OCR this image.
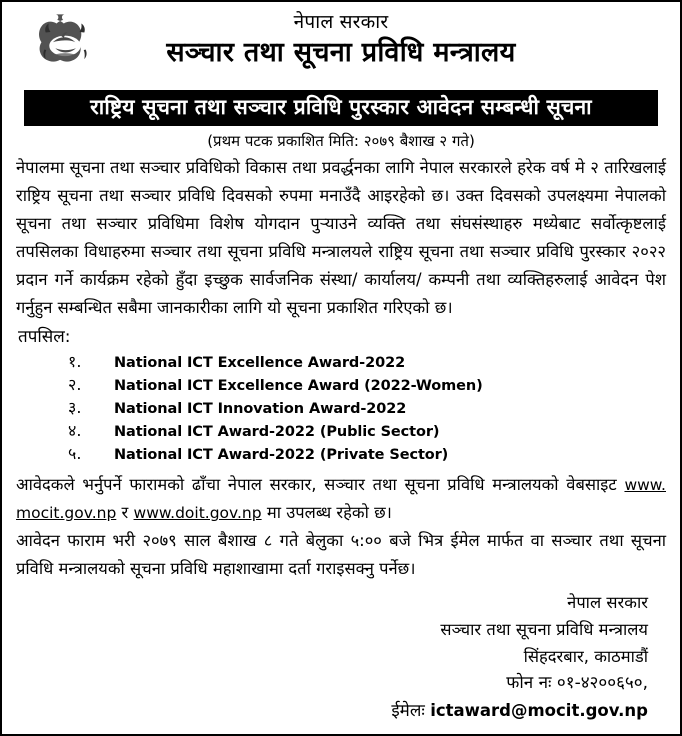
नेपाल सरकार
सञ्चार तथा सूचना प्रविधि मन्त्रालय
राष्ट्रिय सूचना तथा सञ्चार प्रविधि पुरस्कार आवेदन सम्बन्धी सूचना
(प्रथम पटक प्रकाशित मिति: २०७९ बैशाख २ गते)
नेपालमा सूचना तथा सञ्चार प्रविधिको विकास तथा प्रवर्द्धनका लागि नेपाल सरकारले हरेक वर्ष मे २ तारिखलाई राष्ट्रिय सूचना तथा सञ्चार प्रविधि दिवसको रुपमा मनाउँदै आइरहेको छ। उक्त दिवसको उपलक्ष्यमा नेपालको सूचना तथा सञ्चार प्रविधिमा विशेष योगदान पुर्‍याउने व्यक्ति तथा संघसंस्थाहरु मध्येबाट सर्वोत्कृष्टलाई तपसिलका विधाहरुमा सञ्चार तथा सूचना प्रविधि मन्त्रालयले राष्ट्रिय सूचना तथा सञ्चार प्रविधि पुरस्कार २०२२ प्रदान गर्ने कार्यक्रम रहेको हुँदा इच्छुक सार्वजनिक संस्था/ कार्यालय/ कम्पनी तथा व्यक्तिहरुलाई आवेदन पेश गर्नुहुन सम्बन्धित सबैमा जानकारीका लागि यो सूचना प्रकाशित गरिएको छ।
तपसिल:
१.	National ICT Excellence Award-2022
२.	National ICT Excellence Award (2022-Women)
३.	National ICT Innovation Award-2022
४.	National ICT Award-2022 (Public Sector)
५.	National ICT Award-2022 (Private Sector)
आवेदकले भर्नुपर्ने फारामको ढाँचा नेपाल सरकार, सञ्चार तथा सूचना प्रविधि मन्त्रालयको वेबसाइट www. mocit.gov.np र www.doit.gov.np मा उपलब्ध रहेको छ।
आवेदन फाराम भरी २०७९ साल बैशाख ८ गते बेलुका ५:०० बजे भित्र ईमेल मार्फत वा सञ्चार तथा सूचना प्रविधि मन्त्रालयको सूचना प्रविधि महाशाखामा दर्ता गराइसक्नु पर्नेछ।
नेपाल सरकार
सञ्चार तथा सूचना प्रविधि मन्त्रालय
सिंहदरबार, काठमाडौं
फोन नः ०१-४२००६५०,
ईमेलः ictaward@mocit.gov.np
